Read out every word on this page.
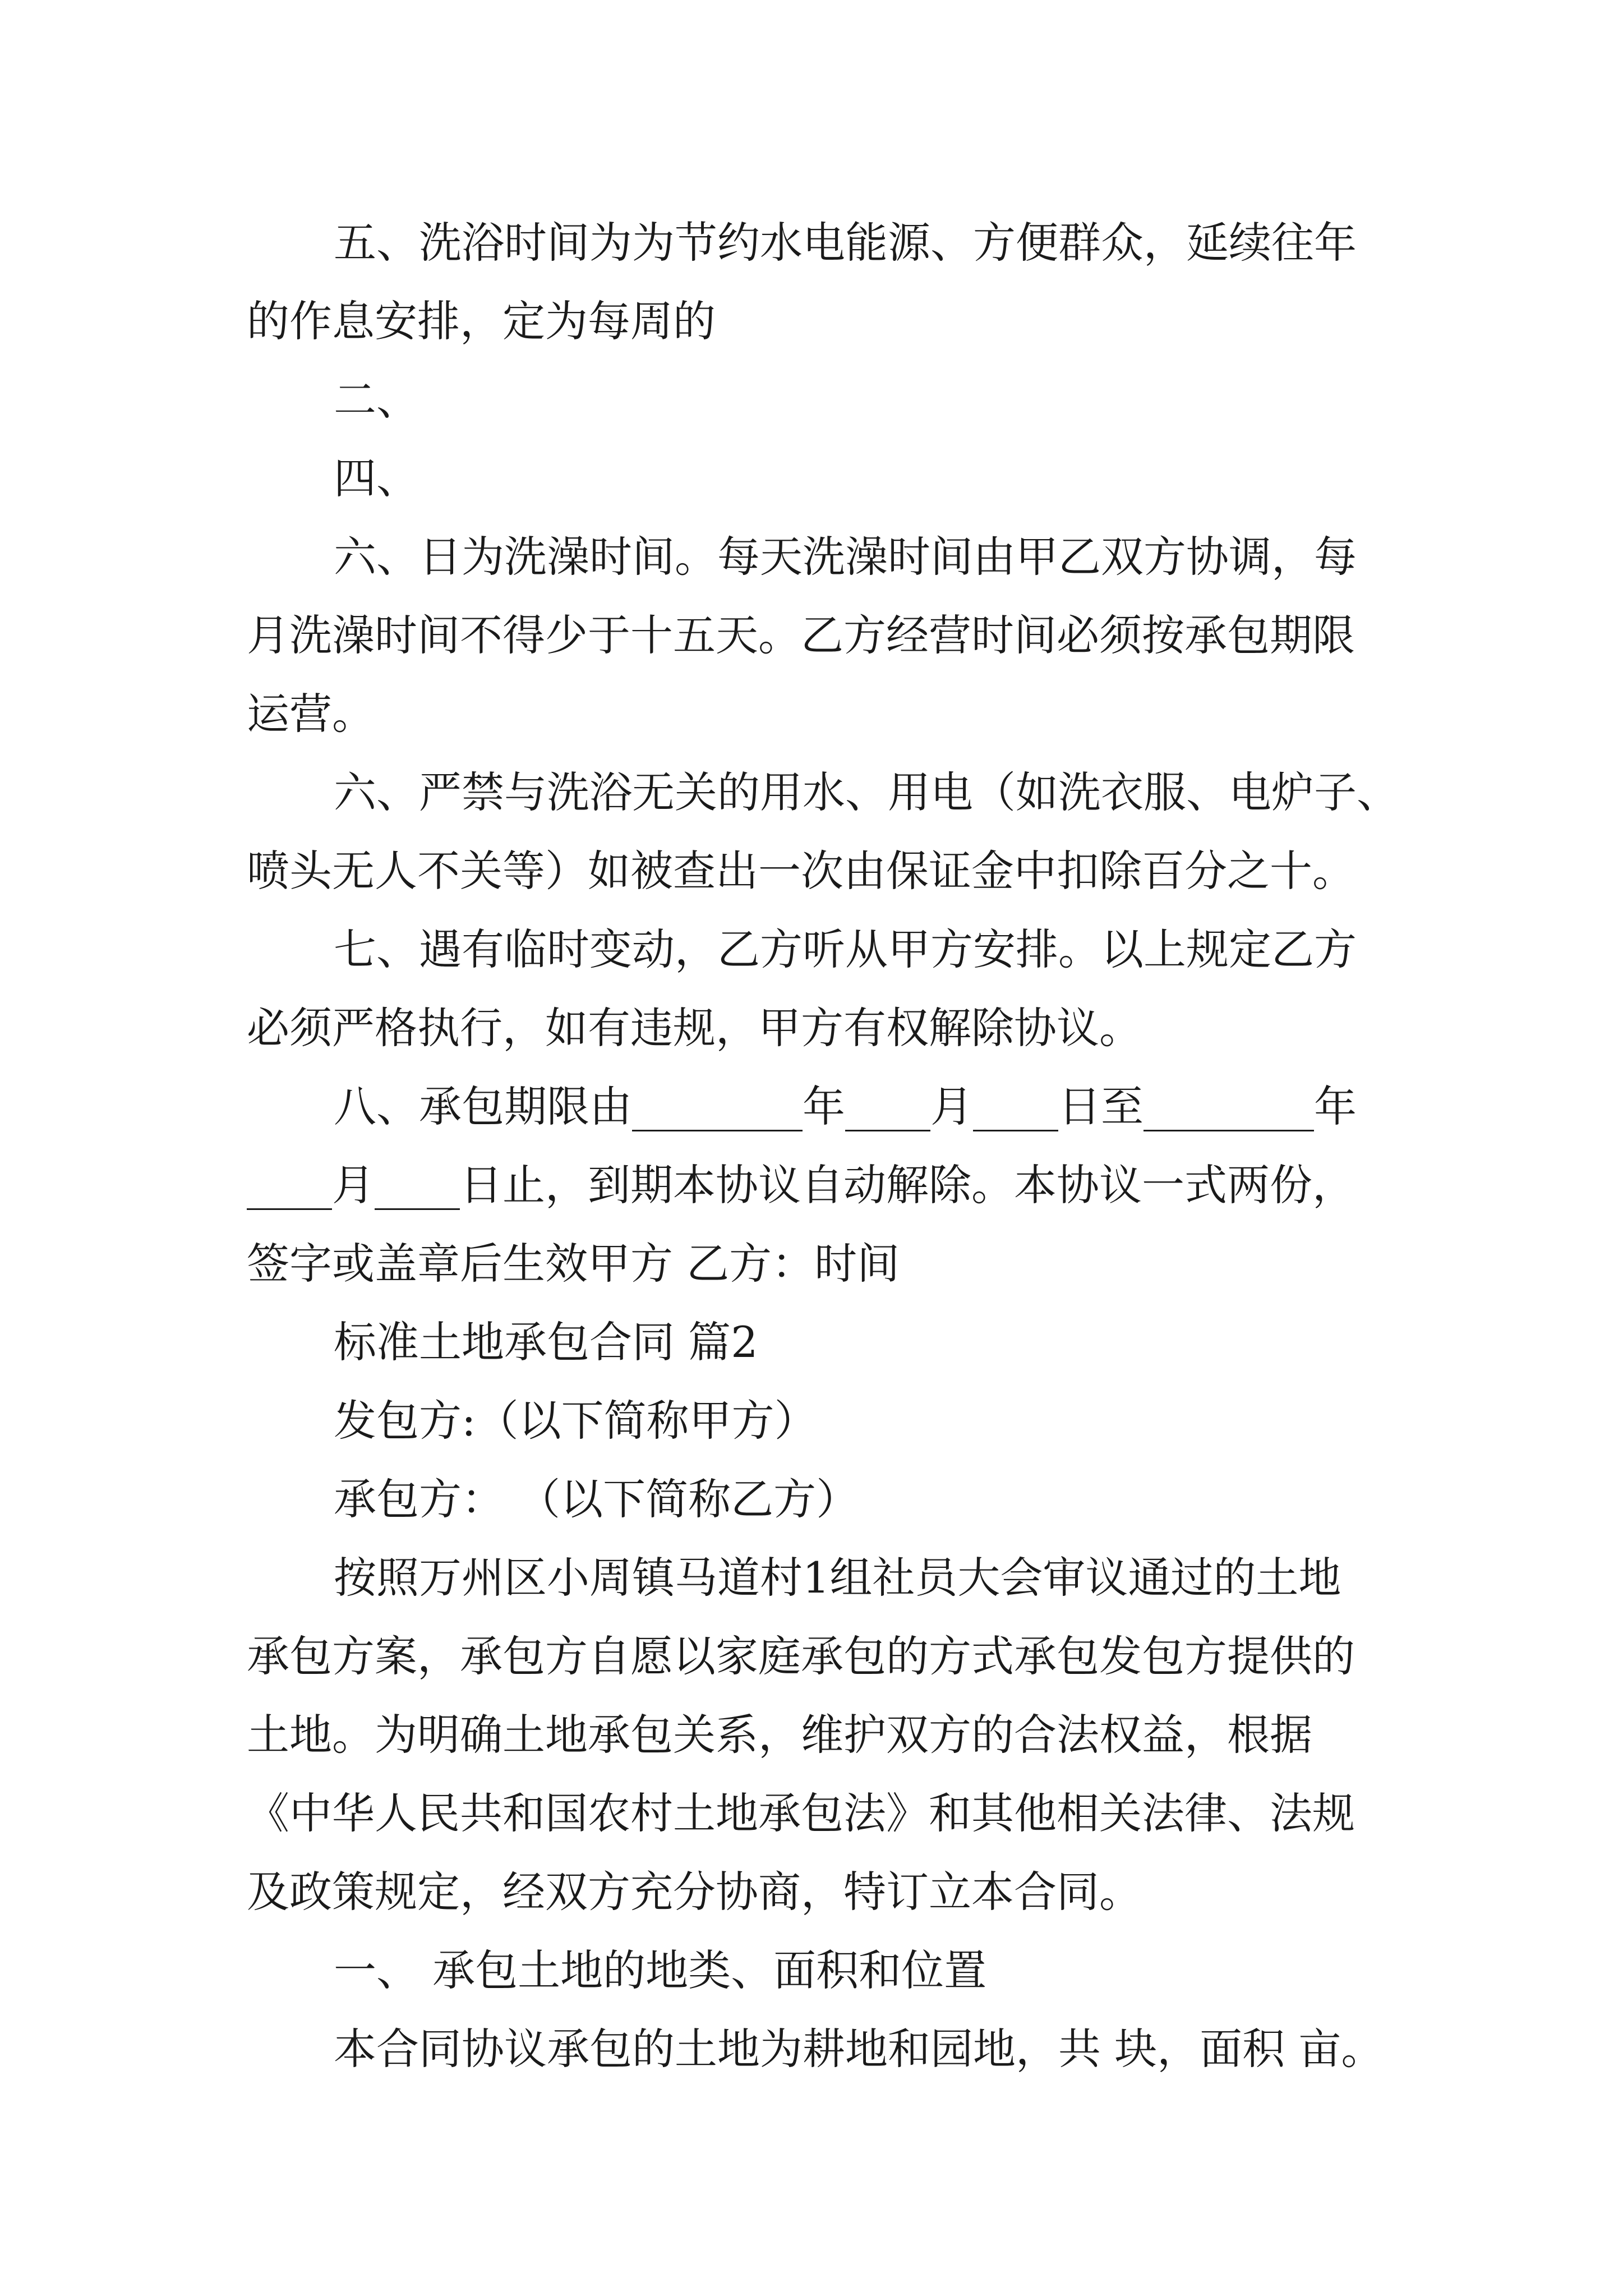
五、洗浴时间为为节约水电能源、方便群众，延续往年

的作息安排，定为每周的

二、

四、

六、日为洗澡时间。每天洗澡时间由甲乙双方协调，每

月洗澡时间不得少于十五天。乙方经营时间必须按承包期限

运营。

六、严禁与洗浴无关的用水、用电（如洗衣服、电炉子、

喷头无人不关等）如被查出一次由保证金中扣除百分之十。

七、遇有临时变动，乙方听从甲方安排。以上规定乙方

必须严格执行，如有违规，甲方有权解除协议。

八、承包期限由________年____月____日至________年

____月____日止，到期本协议自动解除。本协议一式两份，

签字或盖章后生效甲方 乙方：时间

标准土地承包合同 篇2

发包方:（以下简称甲方）

承包方： （以下简称乙方）

按照万州区小周镇马道村1组社员大会审议通过的土地

承包方案，承包方自愿以家庭承包的方式承包发包方提供的

土地。为明确土地承包关系，维护双方的合法权益，根据

《中华人民共和国农村土地承包法》和其他相关法律、法规

及政策规定，经双方充分协商，特订立本合同。

一、 承包土地的地类、面积和位置

本合同协议承包的土地为耕地和园地，共 块，面积 亩。
